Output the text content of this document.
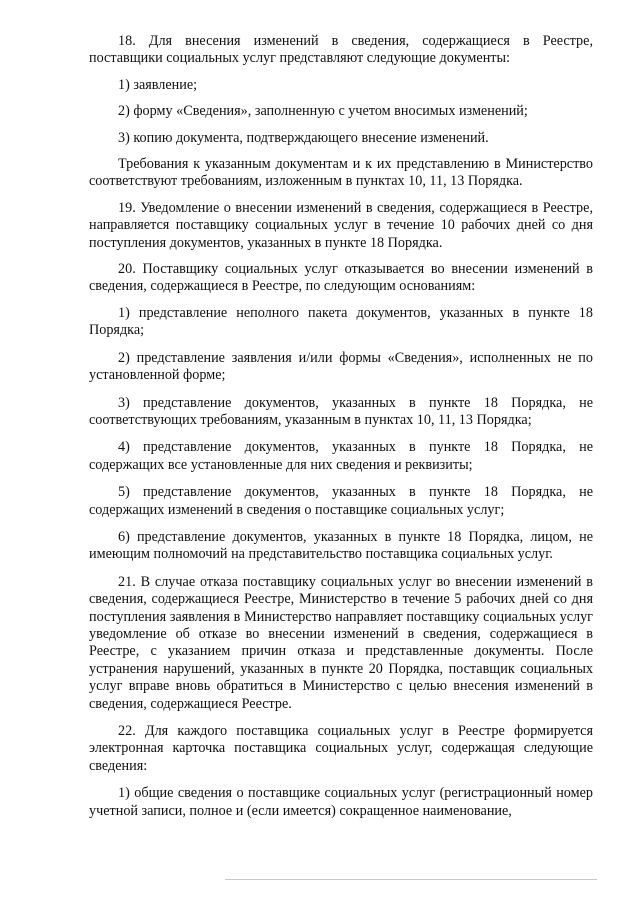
18. Для внесения изменений в сведения, содержащиеся в Реестре, поставщики социальных услуг представляют следующие документы:

1) заявление;

2) форму «Сведения», заполненную с учетом вносимых изменений;

3) копию документа, подтверждающего внесение изменений.

Требования к указанным документам и к их представлению в Министерство соответствуют требованиям, изложенным в пунктах 10, 11, 13 Порядка.

19. Уведомление о внесении изменений в сведения, содержащиеся в Реестре, направляется поставщику социальных услуг в течение 10 рабочих дней со дня поступления документов, указанных в пункте 18 Порядка.

20. Поставщику социальных услуг отказывается во внесении изменений в сведения, содержащиеся в Реестре, по следующим основаниям:

1) представление неполного пакета документов, указанных в пункте 18 Порядка;

2) представление заявления и/или формы «Сведения», исполненных не по установленной форме;

3) представление документов, указанных в пункте 18 Порядка, не соответствующих требованиям, указанным в пунктах 10, 11, 13 Порядка;

4) представление документов, указанных в пункте 18 Порядка, не содержащих все установленные для них сведения и реквизиты;

5) представление документов, указанных в пункте 18 Порядка, не содержащих изменений в сведения о поставщике социальных услуг;

6) представление документов, указанных в пункте 18 Порядка, лицом, не имеющим полномочий на представительство поставщика социальных услуг.

21. В случае отказа поставщику социальных услуг во внесении изменений в сведения, содержащиеся Реестре, Министерство в течение 5 рабочих дней со дня поступления заявления в Министерство направляет поставщику социальных услуг уведомление об отказе во внесении изменений в сведения, содержащиеся в Реестре, с указанием причин отказа и представленные документы. После устранения нарушений, указанных в пункте 20 Порядка, поставщик социальных услуг вправе вновь обратиться в Министерство с целью внесения изменений в сведения, содержащиеся Реестре.

22. Для каждого поставщика социальных услуг в Реестре формируется электронная карточка поставщика социальных услуг, содержащая следующие сведения:

1) общие сведения о поставщике социальных услуг (регистрационный номер учетной записи, полное и (если имеется) сокращенное наименование,
